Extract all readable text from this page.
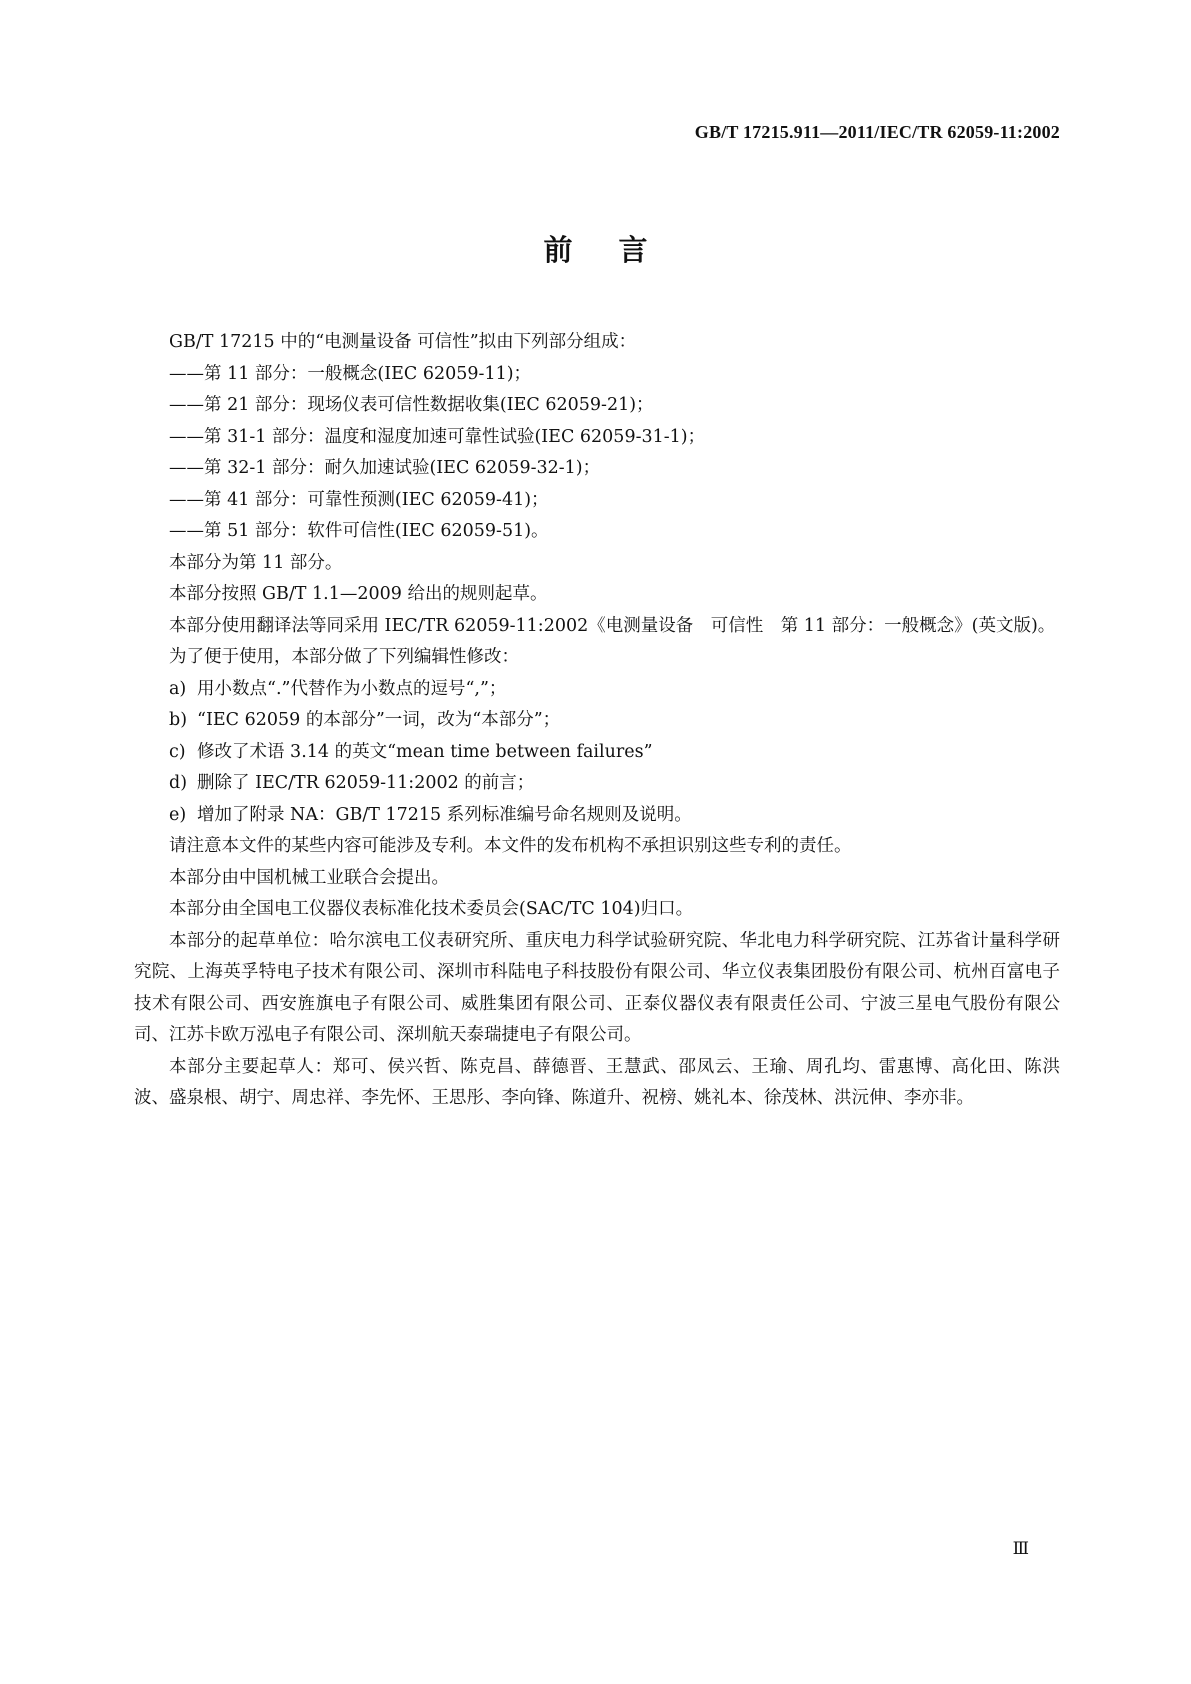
GB/T 17215.911—2011/IEC/TR 62059-11:2002
前言

GB/T 17215 中的“电测量设备 可信性”拟由下列部分组成：

——第 11 部分：一般概念(IEC 62059-11)；

——第 21 部分：现场仪表可信性数据收集(IEC 62059-21)；

——第 31-1 部分：温度和湿度加速可靠性试验(IEC 62059-31-1)；

——第 32-1 部分：耐久加速试验(IEC 62059-32-1)；

——第 41 部分：可靠性预测(IEC 62059-41)；

——第 51 部分：软件可信性(IEC 62059-51)。

本部分为第 11 部分。

本部分按照 GB/T 1.1—2009 给出的规则起草。

本部分使用翻译法等同采用 IEC/TR 62059-11:2002《电测量设备　可信性　第 11 部分：一般概念》(英文版)。

为了便于使用，本部分做了下列编辑性修改：

a) 用小数点“.”代替作为小数点的逗号“,”；

b) “IEC 62059 的本部分”一词，改为“本部分”；

c) 修改了术语 3.14 的英文“mean time between failures”

d) 删除了 IEC/TR 62059-11:2002 的前言；

e) 增加了附录 NA：GB/T 17215 系列标准编号命名规则及说明。

请注意本文件的某些内容可能涉及专利。本文件的发布机构不承担识别这些专利的责任。

本部分由中国机械工业联合会提出。

本部分由全国电工仪器仪表标准化技术委员会(SAC/TC 104)归口。

本部分的起草单位：哈尔滨电工仪表研究所、重庆电力科学试验研究院、华北电力科学研究院、江苏省计量科学研究院、上海英孚特电子技术有限公司、深圳市科陆电子科技股份有限公司、华立仪表集团股份有限公司、杭州百富电子技术有限公司、西安旌旗电子有限公司、威胜集团有限公司、正泰仪器仪表有限责任公司、宁波三星电气股份有限公司、江苏卡欧万泓电子有限公司、深圳航天泰瑞捷电子有限公司。

本部分主要起草人：郑可、侯兴哲、陈克昌、薛德晋、王慧武、邵凤云、王瑜、周孔均、雷惠博、高化田、陈洪波、盛泉根、胡宁、周忠祥、李先怀、王思彤、李向锋、陈道升、祝榜、姚礼本、徐茂林、洪沅伸、李亦非。

Ⅲ
